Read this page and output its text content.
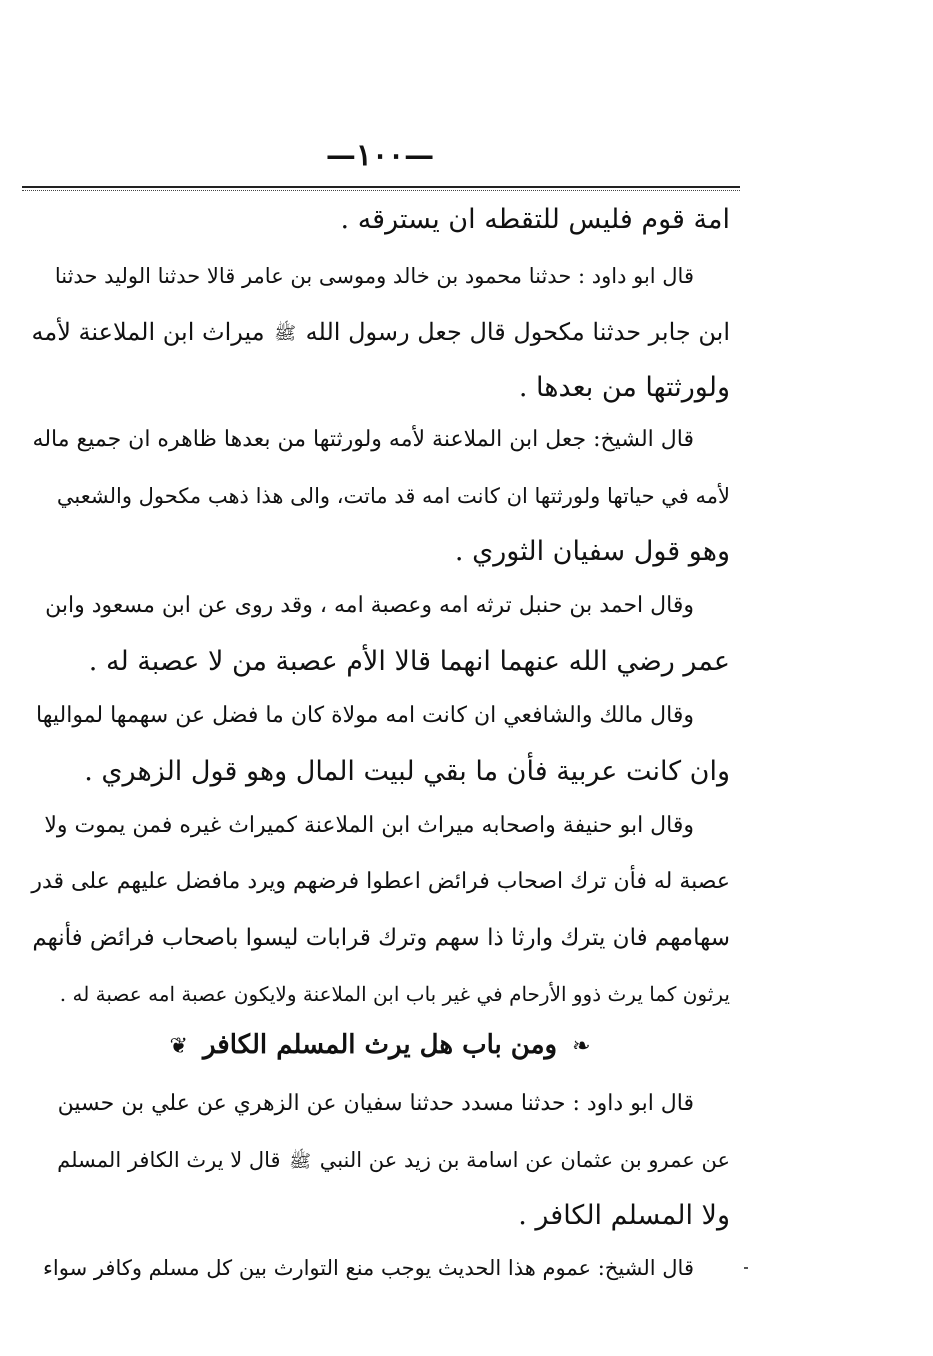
—١٠٠—
امة قوم فليس للتقطه ان يسترقه .
قال ابو داود : حدثنا محمود بن خالد وموسى بن عامر قالا حدثنا الوليد حدثنا
ابن جابر حدثنا مكحول قال جعل رسول الله ﷺ ميراث ابن الملاعنة لأمه
ولورثتها من بعدها .
قال الشيخ: جعل ابن الملاعنة لأمه ولورثتها من بعدها ظاهره ان جميع ماله
لأمه في حياتها ولورثتها ان كانت امه قد ماتت، والى هذا ذهب مكحول والشعبي
وهو قول سفيان الثوري .
وقال احمد بن حنبل ترثه امه وعصبة امه ، وقد روى عن ابن مسعود وابن
عمر رضي الله عنهما انهما قالا الأم عصبة من لا عصبة له .
وقال مالك والشافعي ان كانت امه مولاة كان ما فضل عن سهمها لمواليها
وان كانت عربية فأن ما بقي لبيت المال وهو قول الزهري .
وقال ابو حنيفة واصحابه ميراث ابن الملاعنة كميراث غيره فمن يموت ولا
عصبة له فأن ترك اصحاب فرائض اعطوا فرضهم ويرد مافضل عليهم على قدر
سهامهم فان يترك وارثا ذا سهم وترك قرابات ليسوا باصحاب فرائض فأنهم
يرثون كما يرث ذوو الأرحام في غير باب ابن الملاعنة ولايكون عصبة امه عصبة له .
❧ ومن باب هل يرث المسلم الكافر ❦
قال ابو داود : حدثنا مسدد حدثنا سفيان عن الزهري عن علي بن حسين
عن عمرو بن عثمان عن اسامة بن زيد عن النبي ﷺ قال لا يرث الكافر المسلم
ولا المسلم الكافر .
قال الشيخ: عموم هذا الحديث يوجب منع التوارث بين كل مسلم وكافر سواء
